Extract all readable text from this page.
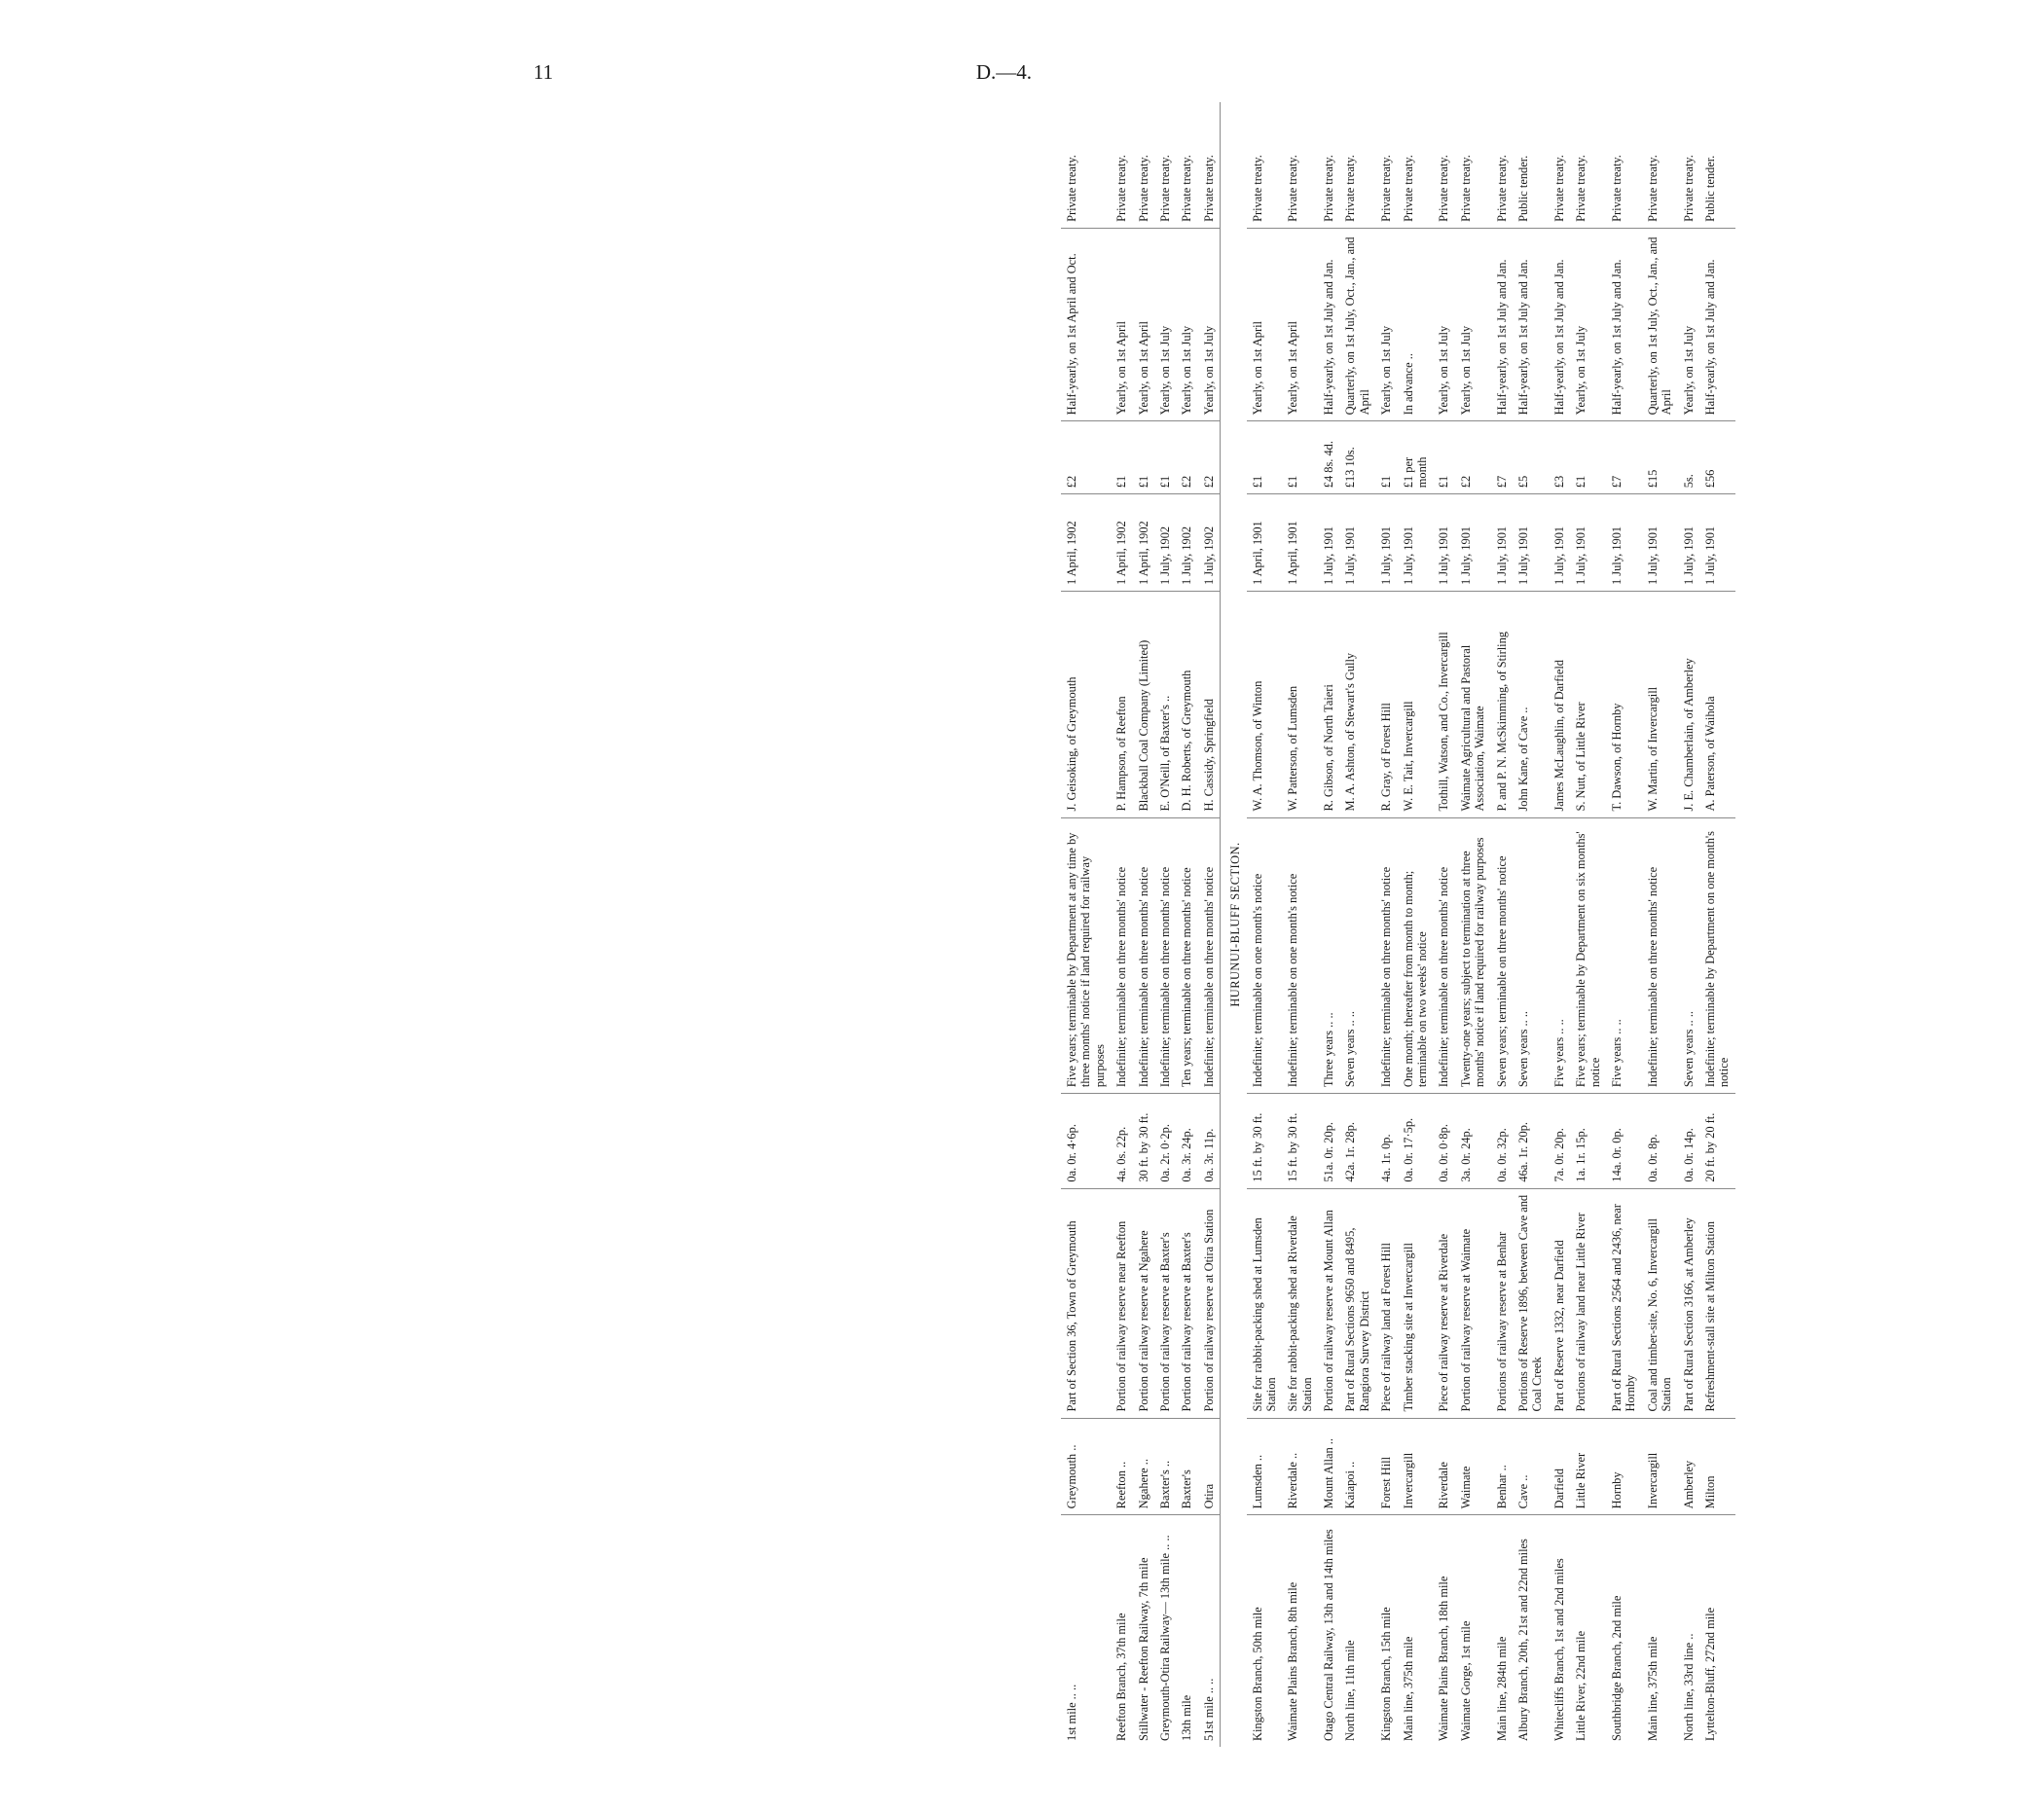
11	D.—4.
1st mile .. ..	Greymouth ..	Part of Section 36, Town of Greymouth	0a. 0r. 4·6p.	Five years; terminable by Department at any time by three months' notice if land required for railway purposes	J. Geisoking, of Greymouth	1 April, 1902	£2	Half-yearly, on 1st April and Oct.	Private treaty.
Reefton Branch, 37th mile	Reefton ..	Portion of railway reserve near Reefton	4a. 0s. 22p.	Indefinite; terminable on three months' notice	P. Hampson, of Reefton	1 April, 1902	£1	Yearly, on 1st April	Private treaty.
Stillwater - Reefton Railway, 7th mile	Ngahere ..	Portion of railway reserve at Ngahere	30 ft. by 30 ft.	Indefinite; terminable on three months' notice	Blackball Coal Company (Limited)	1 April, 1902	£1	Yearly, on 1st April	Private treaty.
Greymouth-Otira Railway— 13th mile .. ..	Baxter's ..	Portion of railway reserve at Baxter's	0a. 2r. 0·2p.	Indefinite; terminable on three months' notice	E. O'Neill, of Baxter's ..	1 July, 1902	£1	Yearly, on 1st July	Private treaty.
13th mile	Baxter's	Portion of railway reserve at Baxter's	0a. 3r. 24p.	Ten years; terminable on three months' notice	D. H. Roberts, of Greymouth	1 July, 1902	£2	Yearly, on 1st July	Private treaty.
51st mile .. ..	Otira	Portion of railway reserve at Otira Station	0a. 3r. 11p.	Indefinite; terminable on three months' notice	H. Cassidy, Springfield	1 July, 1902	£2	Yearly, on 1st July	Private treaty.
HURUNUI-BLUFF SECTION.									
Kingston Branch, 50th mile	Lumsden ..	Site for rabbit-packing shed at Lumsden Station	15 ft. by 30 ft.	Indefinite; terminable on one month's notice	W. A. Thomson, of Winton	1 April, 1901	£1	Yearly, on 1st April	Private treaty.
Waimate Plains Branch, 8th mile	Riverdale ..	Site for rabbit-packing shed at Riverdale Station	15 ft. by 30 ft.	Indefinite; terminable on one month's notice	W. Patterson, of Lumsden	1 April, 1901	£1	Yearly, on 1st April	Private treaty.
Otago Central Railway, 13th and 14th miles	Mount Allan ..	Portion of railway reserve at Mount Allan	51a. 0r. 20p.	Three years .. ..	R. Gibson, of North Taieri	1 July, 1901	£4 8s. 4d.	Half-yearly, on 1st July and Jan.	Private treaty.
North line, 11th mile	Kaiapoi ..	Part of Rural Sections 9650 and 8495, Rangiora Survey District	42a. 1r. 28p.	Seven years .. ..	M. A. Ashton, of Stewart's Gully	1 July, 1901	£13 10s.	Quarterly, on 1st July, Oct., Jan., and April	Private treaty.
Kingston Branch, 15th mile	Forest Hill	Piece of railway land at Forest Hill	4a. 1r. 0p.	Indefinite; terminable on three months' notice	R. Gray, of Forest Hill	1 July, 1901	£1	Yearly, on 1st July	Private treaty.
Main line, 375th mile	Invercargill	Timber stacking site at Invercargill	0a. 0r. 17·5p.	One month; thereafter from month to month; terminable on two weeks' notice	W. E. Tait, Invercargill	1 July, 1901	£1 per month	In advance ..	Private treaty.
Waimate Plains Branch, 18th mile	Riverdale	Piece of railway reserve at Riverdale	0a. 0r. 0·8p.	Indefinite; terminable on three months' notice	Tothill, Watson, and Co., Invercargill	1 July, 1901	£1	Yearly, on 1st July	Private treaty.
Waimate Gorge, 1st mile	Waimate	Portion of railway reserve at Waimate	3a. 0r. 24p.	Twenty-one years; subject to termination at three months' notice if land required for railway purposes	Waimate Agricultural and Pastoral Association, Waimate	1 July, 1901	£2	Yearly, on 1st July	Private treaty.
Main line, 284th mile	Benhar ..	Portions of railway reserve at Benhar	0a. 0r. 32p.	Seven years; terminable on three months' notice	P. and P. N. McSkimming, of Stirling	1 July, 1901	£7	Half-yearly, on 1st July and Jan.	Private treaty.
Albury Branch, 20th, 21st and 22nd miles	Cave ..	Portions of Reserve 1896, between Cave and Coal Creek	46a. 1r. 20p.	Seven years .. ..	John Kane, of Cave ..	1 July, 1901	£5	Half-yearly, on 1st July and Jan.	Public tender.
Whitecliffs Branch, 1st and 2nd miles	Darfield	Part of Reserve 1332, near Darfield	7a. 0r. 20p.	Five years .. ..	James McLaughlin, of Darfield	1 July, 1901	£3	Half-yearly, on 1st July and Jan.	Private treaty.
Little River, 22nd mile	Little River	Portions of railway land near Little River	1a. 1r. 15p.	Five years; terminable by Department on six months' notice	S. Nutt, of Little River	1 July, 1901	£1	Yearly, on 1st July	Private treaty.
Southbridge Branch, 2nd mile	Hornby	Part of Rural Sections 2564 and 2436, near Hornby	14a. 0r. 0p.	Five years .. ..	T. Dawson, of Hornby	1 July, 1901	£7	Half-yearly, on 1st July and Jan.	Private treaty.
Main line, 375th mile	Invercargill	Coal and timber-site, No. 6, Invercargill Station	0a. 0r. 8p.	Indefinite; terminable on three months' notice	W. Martin, of Invercargill	1 July, 1901	£15	Quarterly, on 1st July, Oct., Jan., and April	Private treaty.
North line, 33rd line ..	Amberley	Part of Rural Section 3166, at Amberley	0a. 0r. 14p.	Seven years .. ..	J. E. Chamberlain, of Amberley	1 July, 1901	5s.	Yearly, on 1st July	Private treaty.
Lyttelton-Bluff, 272nd mile	Milton	Refreshment-stall site at Milton Station	20 ft. by 20 ft.	Indefinite; terminable by Department on one month's notice	A. Paterson, of Waihola	1 July, 1901	£56	Half-yearly, on 1st July and Jan.	Public tender.
